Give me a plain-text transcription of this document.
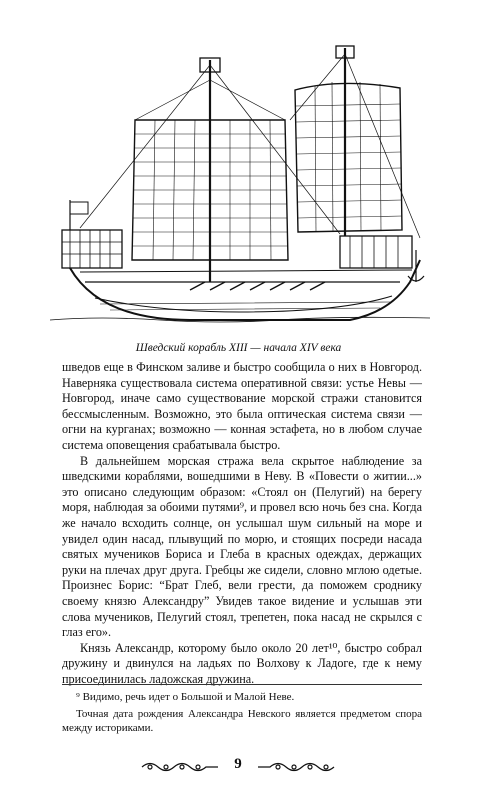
Шведский корабль XIII — начала XIV века

шведов еще в Финском заливе и быстро сообщила о них в Новгород. Наверняка существовала система оперативной связи: устье Невы — Новгород, иначе само существование морской стражи становится бессмысленным. Возможно, это была оптическая система связи — огни на курганах; возможно — конная эстафета, но в любом случае система оповещения срабатывала быстро.

В дальнейшем морская стража вела скрытое наблюдение за шведскими кораблями, вошедшими в Неву. В «Повести о житии...» это описано следующим образом: «Стоял он (Пелугий) на берегу моря, наблюдая за обоими путями⁹, и провел всю ночь без сна. Когда же начало всходить солнце, он услышал шум сильный на море и увидел один насад, плывущий по морю, и стоящих посреди насада святых мучеников Бориса и Глеба в красных одеждах, держащих руки на плечах друг друга. Гребцы же сидели, словно мглою одетые. Произнес Борис: “Брат Глеб, вели грести, да поможем сроднику своему князю Александру” Увидев такое видение и услышав эти слова мучеников, Пелугий стоял, трепетен, пока насад не скрылся с глаз его».

Князь Александр, которому было около 20 лет¹⁰, быстро собрал дружину и двинулся на ладьях по Волхову к Ладоге, где к нему присоединилась ладожская дружина.

⁹ Видимо, речь идет о Большой и Малой Неве.

Точная дата рождения Александра Невского является предметом спора между историками.

9
